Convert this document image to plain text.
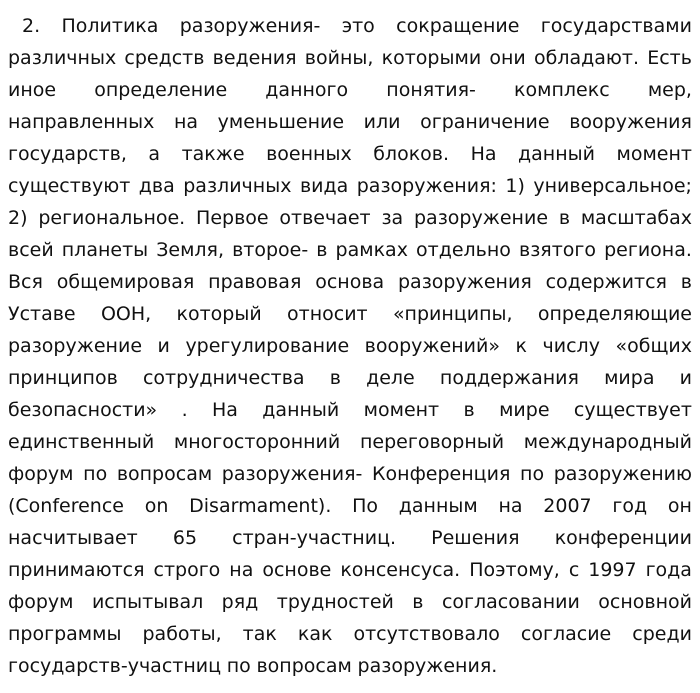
2. Политика разоружения- это сокращение государствами
различных средств ведения войны, которыми они обладают. Есть
иное определение данного понятия- комплекс мер,
направленных на уменьшение или ограничение вооружения
государств, а также военных блоков. На данный момент
существуют два различных вида разоружения: 1) универсальное;
2) региональное. Первое отвечает за разоружение в масштабах
всей планеты Земля, второе- в рамках отдельно взятого региона.
Вся общемировая правовая основа разоружения содержится в
Уставе ООН, который относит «принципы, определяющие
разоружение и урегулирование вооружений» к числу «общих
принципов сотрудничества в деле поддержания мира и
безопасности» . На данный момент в мире существует
единственный многосторонний переговорный международный
форум по вопросам разоружения- Конференция по разоружению
(Conference on Disarmament). По данным на 2007 год он
насчитывает 65 стран-участниц. Решения конференции
принимаются строго на основе консенсуса. Поэтому, с 1997 года
форум испытывал ряд трудностей в согласовании основной
программы работы, так как отсутствовало согласие среди
государств-участниц по вопросам разоружения.
